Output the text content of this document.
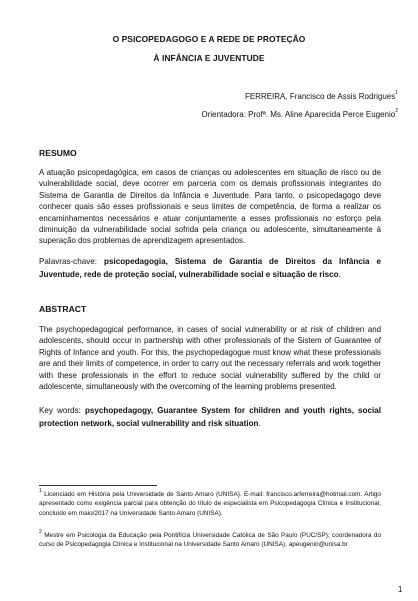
O PSICOPEDAGOGO E A REDE DE PROTEÇÃO
À INFÂNCIA E JUVENTUDE
FERREIRA, Francisco de Assis Rodrigues$^1$
Orientadora: Profª. Ms. Aline Aparecida Perce Eugenio$^2$
RESUMO
A atuação psicopedagógica, em casos de crianças ou adolescentes em situação de risco ou de vulnerabilidade social, deve ocorrer em parceria com os demais profissionais integrantes do Sistema de Garantia de Direitos da Infância e Juventude. Para tanto, o psicopedagogo deve conhecer quais são esses profissionais e seus limites de competência, de forma a realizar os encaminhamentos necessários e atuar conjuntamente a esses profissionais no esforço pela diminuição da vulnerabilidade social sofrida pela criança ou adolescente, simultaneamente à superação dos problemas de aprendizagem apresentados.
Palavras-chave: psicopedagogia, Sistema de Garantia de Direitos da Infância e Juventude, rede de proteção social, vulnerabilidade social e situação de risco.
ABSTRACT
The psychopedagogical performance, in cases of social vulnerability or at risk of children and adolescents, should occur in partnership with other professionals of the Sistem of Guarantee of Rights of Infance and youth. For this, the psychopedagogue must know what these professionals are and their limits of competence, in order to carry out the necessary referrals and work together with these professionals in the effort to reduce social vulnerability suffered by the child or adolescente, simultaneously with the overcoming of the learning problems presented.
Key words: psychopedagogy, Guarantee System for children and youth rights, social protection network, social vulnerability and risk situation.
$^1$ Licenciado em História pela Universidade de Santo Amaro (UNISA). E-mail: francisco.arferreira@hotmail.com. Artigo apresentado como exigência parcial para obtenção do título de especialista em Psicopedagogia Clínica e Institucional, concluído em maio/2017 na Universidade Santo Amaro (UNISA).
$^2$ Mestre em Psicologia da Educação pela Pontifícia Universidade Católica de São Paulo (PUC/SP); coordenadora do curso de Psicopedagogia Clínica e Institucional na Universidade Santo Amaro (UNISA). apeugenio@unisa.br
1
